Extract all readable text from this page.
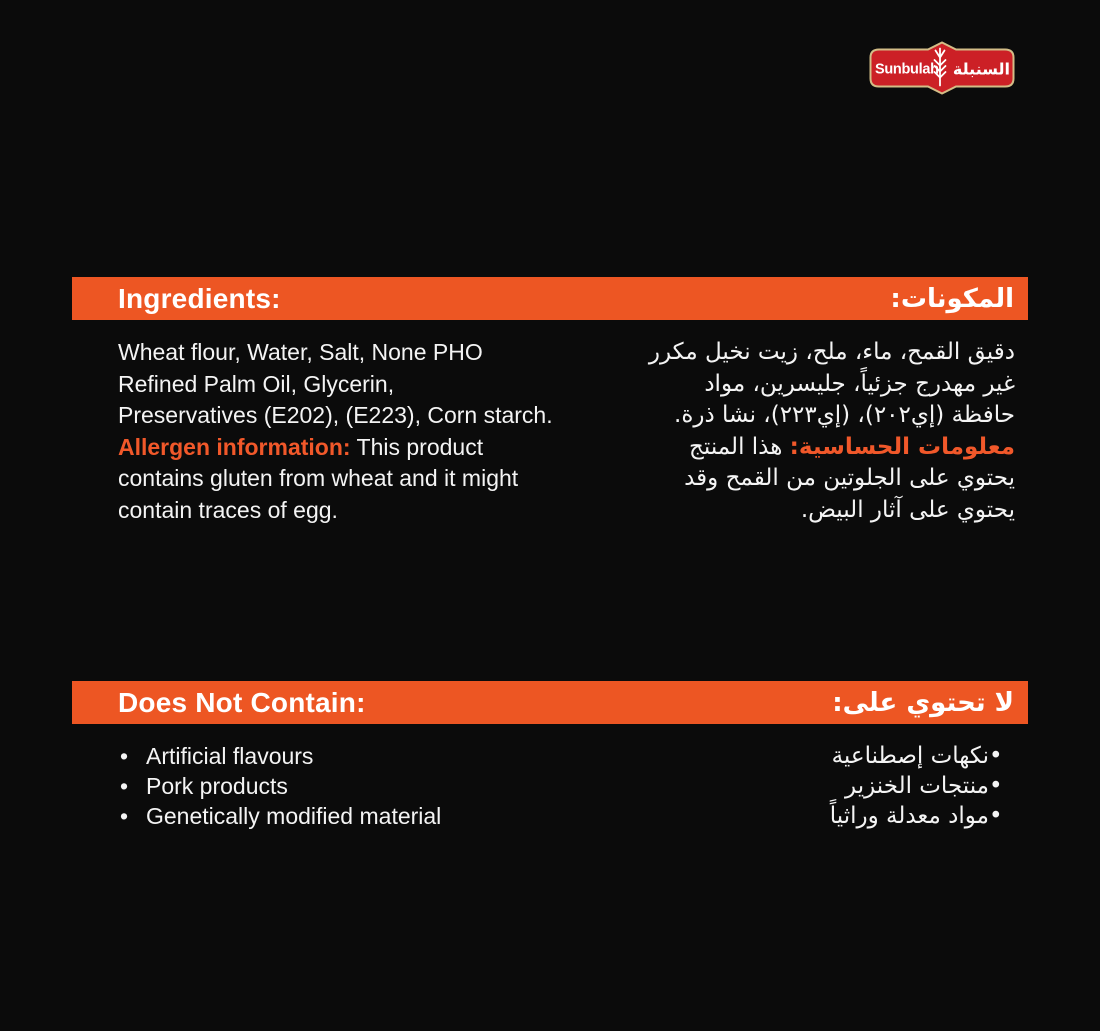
Sunbulah السنبلة
Ingredients:	المكونات:
Wheat flour, Water, Salt, None PHO
Refined Palm Oil, Glycerin,
Preservatives (E202), (E223), Corn starch.
Allergen information: This product
contains gluten from wheat and it might
contain traces of egg.
دقيق القمح، ماء، ملح، زيت نخيل مكرر
غير مهدرج جزئياً، جليسرين، مواد
حافظة (إي٢٠٢)، (إي٢٢٣)، نشا ذرة.
معلومات الحساسية: هذا المنتج
يحتوي على الجلوتين من القمح وقد
يحتوي على آثار البيض.
Does Not Contain:	لا تحتوي على:
• Artificial flavours
• Pork products
• Genetically modified material
•
نكهات إصطناعية
•
منتجات الخنزير
•
مواد معدلة وراثياً
